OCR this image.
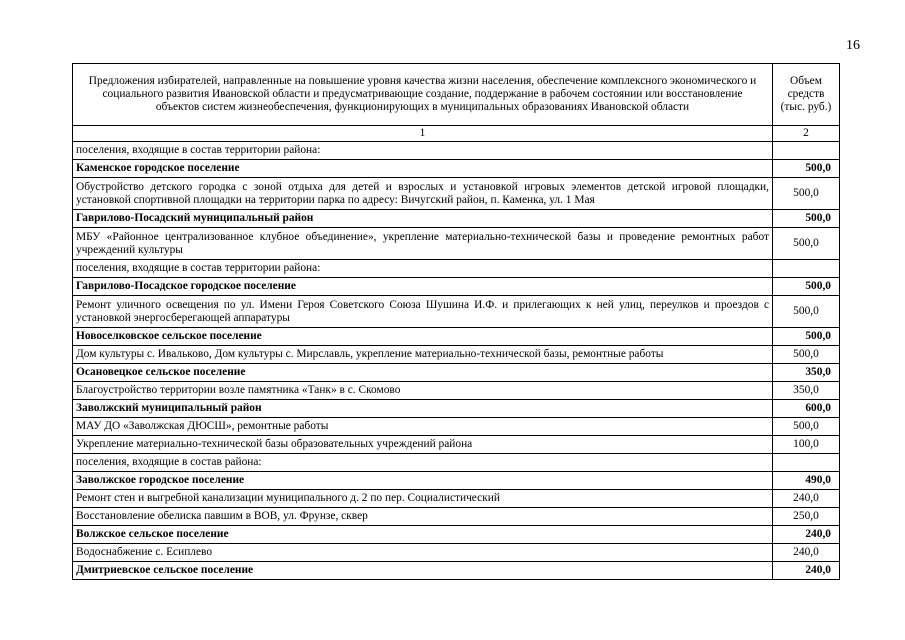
16
Предложения избирателей, направленные на повышение уровня качества жизни населения, обеспечение комплексного экономического и социального развития Ивановской области и предусматривающие создание, поддержание в рабочем состоянии или восстановление объектов систем жизнеобеспечения, функционирующих в муниципальных образованиях Ивановской области	Объем средств (тыс. руб.)
1	2
поселения, входящие в состав территории района:	
Каменское городское поселение	500,0
Обустройство детского городка с зоной отдыха для детей и взрослых и установкой игровых элементов детской игровой площадки, установкой спортивной площадки на территории парка по адресу: Вичугский район, п. Каменка, ул. 1 Мая	500,0
Гаврилово-Посадский муниципальный район	500,0
МБУ «Районное централизованное клубное объединение», укрепление материально-технической базы и проведение ремонтных работ учреждений культуры	500,0
поселения, входящие в состав территории района:	
Гаврилово-Посадское городское поселение	500,0
Ремонт уличного освещения по ул. Имени Героя Советского Союза Шушина И.Ф. и прилегающих к ней улиц, переулков и проездов с установкой энергосберегающей аппаратуры	500,0
Новоселковское сельское поселение	500,0
Дом культуры с. Ивальково, Дом культуры с. Мирславль, укрепление материально-технической базы, ремонтные работы	500,0
Осановецкое сельское поселение	350,0
Благоустройство территории возле памятника «Танк» в с. Скомово	350,0
Заволжский муниципальный район	600,0
МАУ ДО «Заволжская ДЮСШ», ремонтные работы	500,0
Укрепление материально-технической базы образовательных учреждений района	100,0
поселения, входящие в состав района:	
Заволжское городское поселение	490,0
Ремонт стен и выгребной канализации муниципального д. 2 по пер. Социалистический	240,0
Восстановление обелиска павшим в ВОВ, ул. Фрунзе, сквер	250,0
Волжское сельское поселение	240,0
Водоснабжение с. Есиплево	240,0
Дмитриевское сельское поселение	240,0
